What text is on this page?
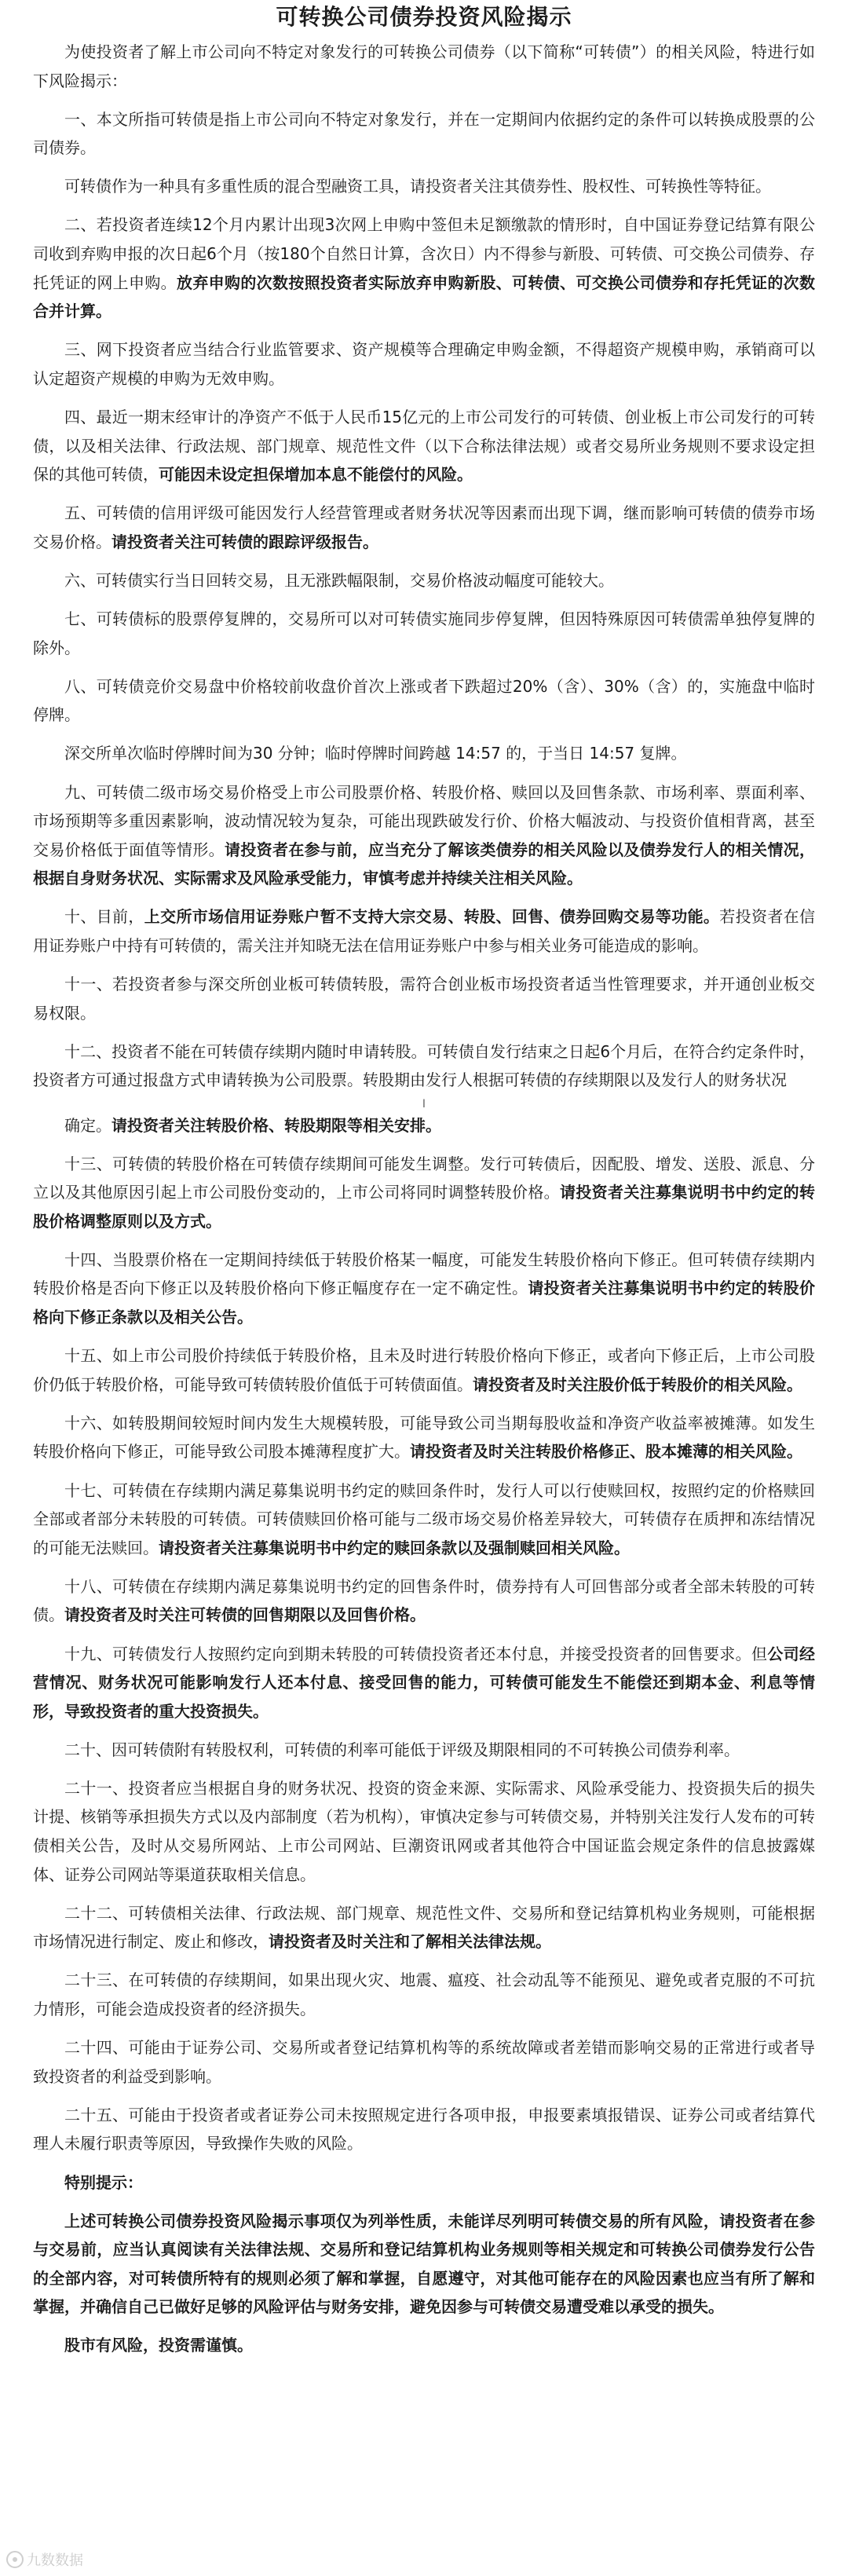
可转换公司债券投资风险揭示

为使投资者了解上市公司向不特定对象发行的可转换公司债券（以下简称“可转债”）的相关风险，特进行如下风险揭示：

一、本文所指可转债是指上市公司向不特定对象发行，并在一定期间内依据约定的条件可以转换成股票的公司债券。

可转债作为一种具有多重性质的混合型融资工具，请投资者关注其债券性、股权性、可转换性等特征。

二、若投资者连续12个月内累计出现3次网上申购中签但未足额缴款的情形时，自中国证券登记结算有限公司收到弃购申报的次日起6个月（按180个自然日计算，含次日）内不得参与新股、可转债、可交换公司债券、存托凭证的网上申购。放弃申购的次数按照投资者实际放弃申购新股、可转债、可交换公司债券和存托凭证的次数合并计算。

三、网下投资者应当结合行业监管要求、资产规模等合理确定申购金额，不得超资产规模申购，承销商可以认定超资产规模的申购为无效申购。

四、最近一期末经审计的净资产不低于人民币15亿元的上市公司发行的可转债、创业板上市公司发行的可转债，以及相关法律、行政法规、部门规章、规范性文件（以下合称法律法规）或者交易所业务规则不要求设定担保的其他可转债，可能因未设定担保增加本息不能偿付的风险。

五、可转债的信用评级可能因发行人经营管理或者财务状况等因素而出现下调，继而影响可转债的债券市场交易价格。请投资者关注可转债的跟踪评级报告。

六、可转债实行当日回转交易，且无涨跌幅限制，交易价格波动幅度可能较大。

七、可转债标的股票停复牌的，交易所可以对可转债实施同步停复牌，但因特殊原因可转债需单独停复牌的除外。

八、可转债竞价交易盘中价格较前收盘价首次上涨或者下跌超过20%（含）、30%（含）的，实施盘中临时停牌。

深交所单次临时停牌时间为30 分钟；临时停牌时间跨越 14:57 的，于当日 14:57 复牌。

九、可转债二级市场交易价格受上市公司股票价格、转股价格、赎回以及回售条款、市场利率、票面利率、市场预期等多重因素影响，波动情况较为复杂，可能出现跌破发行价、价格大幅波动、与投资价值相背离，甚至交易价格低于面值等情形。请投资者在参与前，应当充分了解该类债券的相关风险以及债券发行人的相关情况，根据自身财务状况、实际需求及风险承受能力，审慎考虑并持续关注相关风险。

十、目前，上交所市场信用证券账户暂不支持大宗交易、转股、回售、债券回购交易等功能。若投资者在信用证券账户中持有可转债的，需关注并知晓无法在信用证券账户中参与相关业务可能造成的影响。

十一、若投资者参与深交所创业板可转债转股，需符合创业板市场投资者适当性管理要求，并开通创业板交易权限。

十二、投资者不能在可转债存续期内随时申请转股。可转债自发行结束之日起6个月后，在符合约定条件时，投资者方可通过报盘方式申请转换为公司股票。转股期由发行人根据可转债的存续期限以及发行人的财务状况

I

确定。请投资者关注转股价格、转股期限等相关安排。

十三、可转债的转股价格在可转债存续期间可能发生调整。发行可转债后，因配股、增发、送股、派息、分立以及其他原因引起上市公司股份变动的，上市公司将同时调整转股价格。请投资者关注募集说明书中约定的转股价格调整原则以及方式。

十四、当股票价格在一定期间持续低于转股价格某一幅度，可能发生转股价格向下修正。但可转债存续期内转股价格是否向下修正以及转股价格向下修正幅度存在一定不确定性。请投资者关注募集说明书中约定的转股价格向下修正条款以及相关公告。

十五、如上市公司股价持续低于转股价格，且未及时进行转股价格向下修正，或者向下修正后，上市公司股价仍低于转股价格，可能导致可转债转股价值低于可转债面值。请投资者及时关注股价低于转股价的相关风险。

十六、如转股期间较短时间内发生大规模转股，可能导致公司当期每股收益和净资产收益率被摊薄。如发生转股价格向下修正，可能导致公司股本摊薄程度扩大。请投资者及时关注转股价格修正、股本摊薄的相关风险。

十七、可转债在存续期内满足募集说明书约定的赎回条件时，发行人可以行使赎回权，按照约定的价格赎回全部或者部分未转股的可转债。可转债赎回价格可能与二级市场交易价格差异较大，可转债存在质押和冻结情况的可能无法赎回。请投资者关注募集说明书中约定的赎回条款以及强制赎回相关风险。

十八、可转债在存续期内满足募集说明书约定的回售条件时，债券持有人可回售部分或者全部未转股的可转债。请投资者及时关注可转债的回售期限以及回售价格。

十九、可转债发行人按照约定向到期未转股的可转债投资者还本付息，并接受投资者的回售要求。但公司经营情况、财务状况可能影响发行人还本付息、接受回售的能力，可转债可能发生不能偿还到期本金、利息等情形，导致投资者的重大投资损失。

二十、因可转债附有转股权利，可转债的利率可能低于评级及期限相同的不可转换公司债券利率。

二十一、投资者应当根据自身的财务状况、投资的资金来源、实际需求、风险承受能力、投资损失后的损失计提、核销等承担损失方式以及内部制度（若为机构），审慎决定参与可转债交易，并特别关注发行人发布的可转债相关公告，及时从交易所网站、上市公司网站、巨潮资讯网或者其他符合中国证监会规定条件的信息披露媒体、证券公司网站等渠道获取相关信息。

二十二、可转债相关法律、行政法规、部门规章、规范性文件、交易所和登记结算机构业务规则，可能根据市场情况进行制定、废止和修改，请投资者及时关注和了解相关法律法规。

二十三、在可转债的存续期间，如果出现火灾、地震、瘟疫、社会动乱等不能预见、避免或者克服的不可抗力情形，可能会造成投资者的经济损失。

二十四、可能由于证券公司、交易所或者登记结算机构等的系统故障或者差错而影响交易的正常进行或者导致投资者的利益受到影响。

二十五、可能由于投资者或者证券公司未按照规定进行各项申报，申报要素填报错误、证券公司或者结算代理人未履行职责等原因，导致操作失败的风险。

特别提示：

上述可转换公司债券投资风险揭示事项仅为列举性质，未能详尽列明可转债交易的所有风险，请投资者在参与交易前，应当认真阅读有关法律法规、交易所和登记结算机构业务规则等相关规定和可转换公司债券发行公告的全部内容，对可转债所特有的规则必须了解和掌握，自愿遵守，对其他可能存在的风险因素也应当有所了解和掌握，并确信自己已做好足够的风险评估与财务安排，避免因参与可转债交易遭受难以承受的损失。

股市有风险，投资需谨慎。

九数数据
